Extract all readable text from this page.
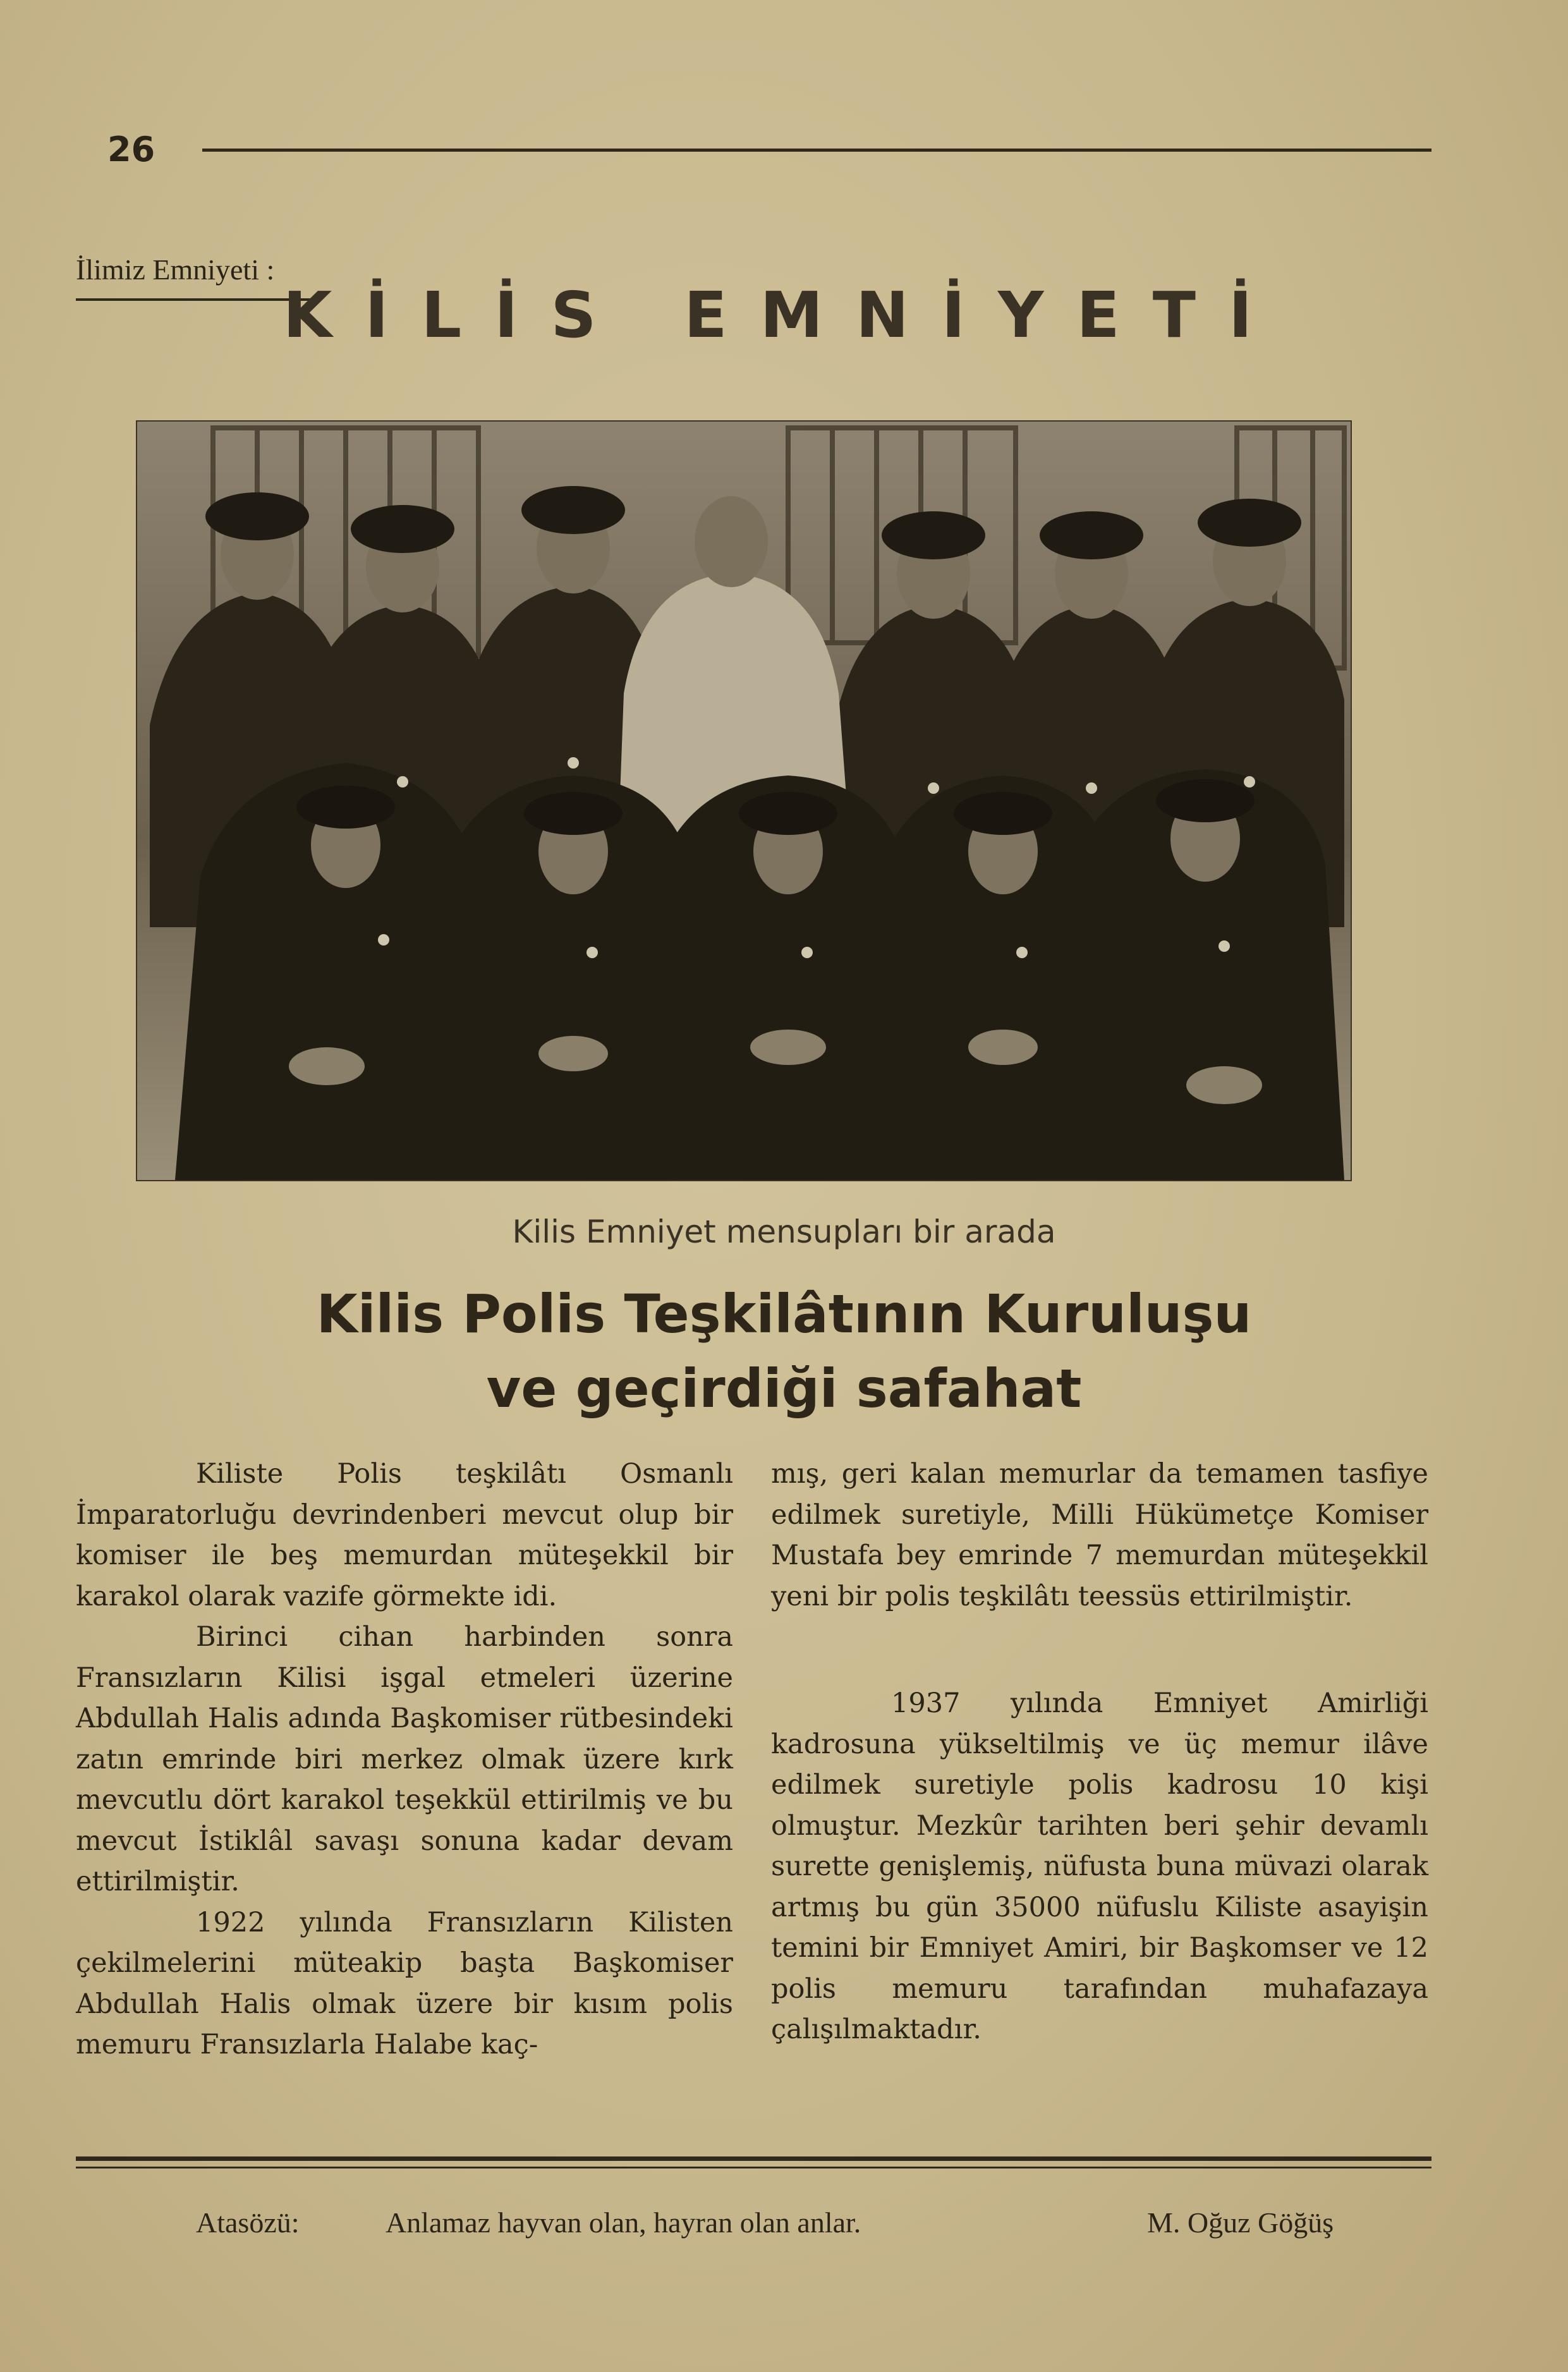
26
İlimiz Emniyeti :
KİLİS EMNİYETİ
Kilis Emniyet mensupları bir arada
Kilis Polis Teşkilâtının Kuruluşu
ve geçirdiği safahat

Kiliste Polis teşkilâtı Osmanlı İmparatorluğu devrindenberi mevcut olup bir komiser ile beş memurdan müteşekkil bir karakol olarak vazife görmekte idi.

Birinci cihan harbinden sonra Fransızların Kilisi işgal etmeleri üzerine Abdullah Halis adında Başkomiser rütbesindeki zatın emrinde biri merkez olmak üzere kırk mevcutlu dört karakol teşekkül ettirilmiş ve bu mevcut İstiklâl savaşı sonuna kadar devam ettirilmiştir.

1922 yılında Fransızların Kilisten çekilmelerini müteakip başta Başkomiser Abdullah Halis olmak üzere bir kısım polis memuru Fransızlarla Halabe kaç-

mış, geri kalan memurlar da temamen tasfiye edilmek suretiyle, Milli Hükümetçe Komiser Mustafa bey emrinde 7 memurdan müteşekkil yeni bir polis teşkilâtı teessüs ettirilmiştir.

1937 yılında Emniyet Amirliği kadrosuna yükseltilmiş ve üç memur ilâve edilmek suretiyle polis kadrosu 10 kişi olmuştur. Mezkûr tarihten beri şehir devamlı surette genişlemiş, nüfusta buna müvazi olarak artmış bu gün 35000 nüfuslu Kiliste asayişin temini bir Emniyet Amiri, bir Başkomser ve 12 polis memuru tarafından muhafazaya çalışılmaktadır.

Atasözü:	Anlamaz hayvan olan, hayran olan anlar.	M. Oğuz Göğüş
